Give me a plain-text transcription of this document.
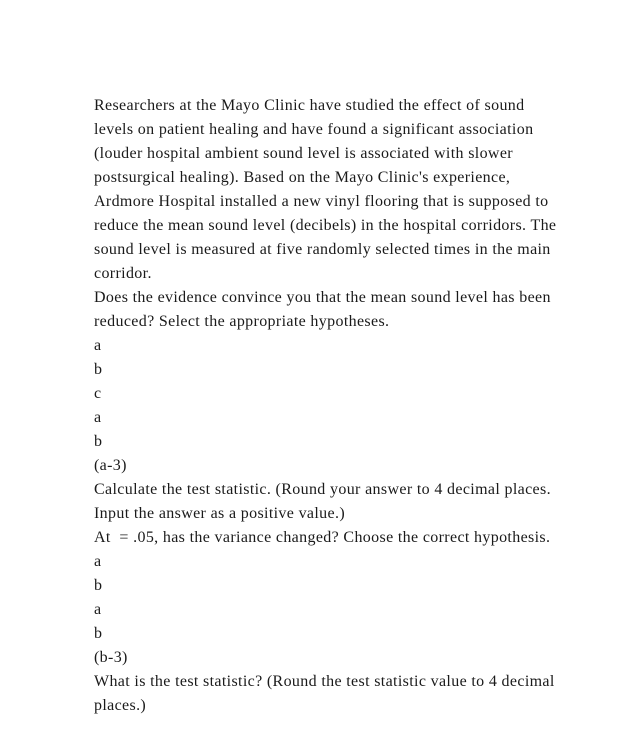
Researchers at the Mayo Clinic have studied the effect of sound levels on patient healing and have found a significant association (louder hospital ambient sound level is associated with slower postsurgical healing). Based on the Mayo Clinic's experience, Ardmore Hospital installed a new vinyl flooring that is supposed to reduce the mean sound level (decibels) in the hospital corridors. The sound level is measured at five randomly selected times in the main corridor.

Does the evidence convince you that the mean sound level has been reduced? Select the appropriate hypotheses.

a

b

c

a

b

(a-3)

Calculate the test statistic. (Round your answer to 4 decimal places. Input the answer as a positive value.)

At  = .05, has the variance changed? Choose the correct hypothesis.

a

b

a

b

(b-3)

What is the test statistic? (Round the test statistic value to 4 decimal places.)
